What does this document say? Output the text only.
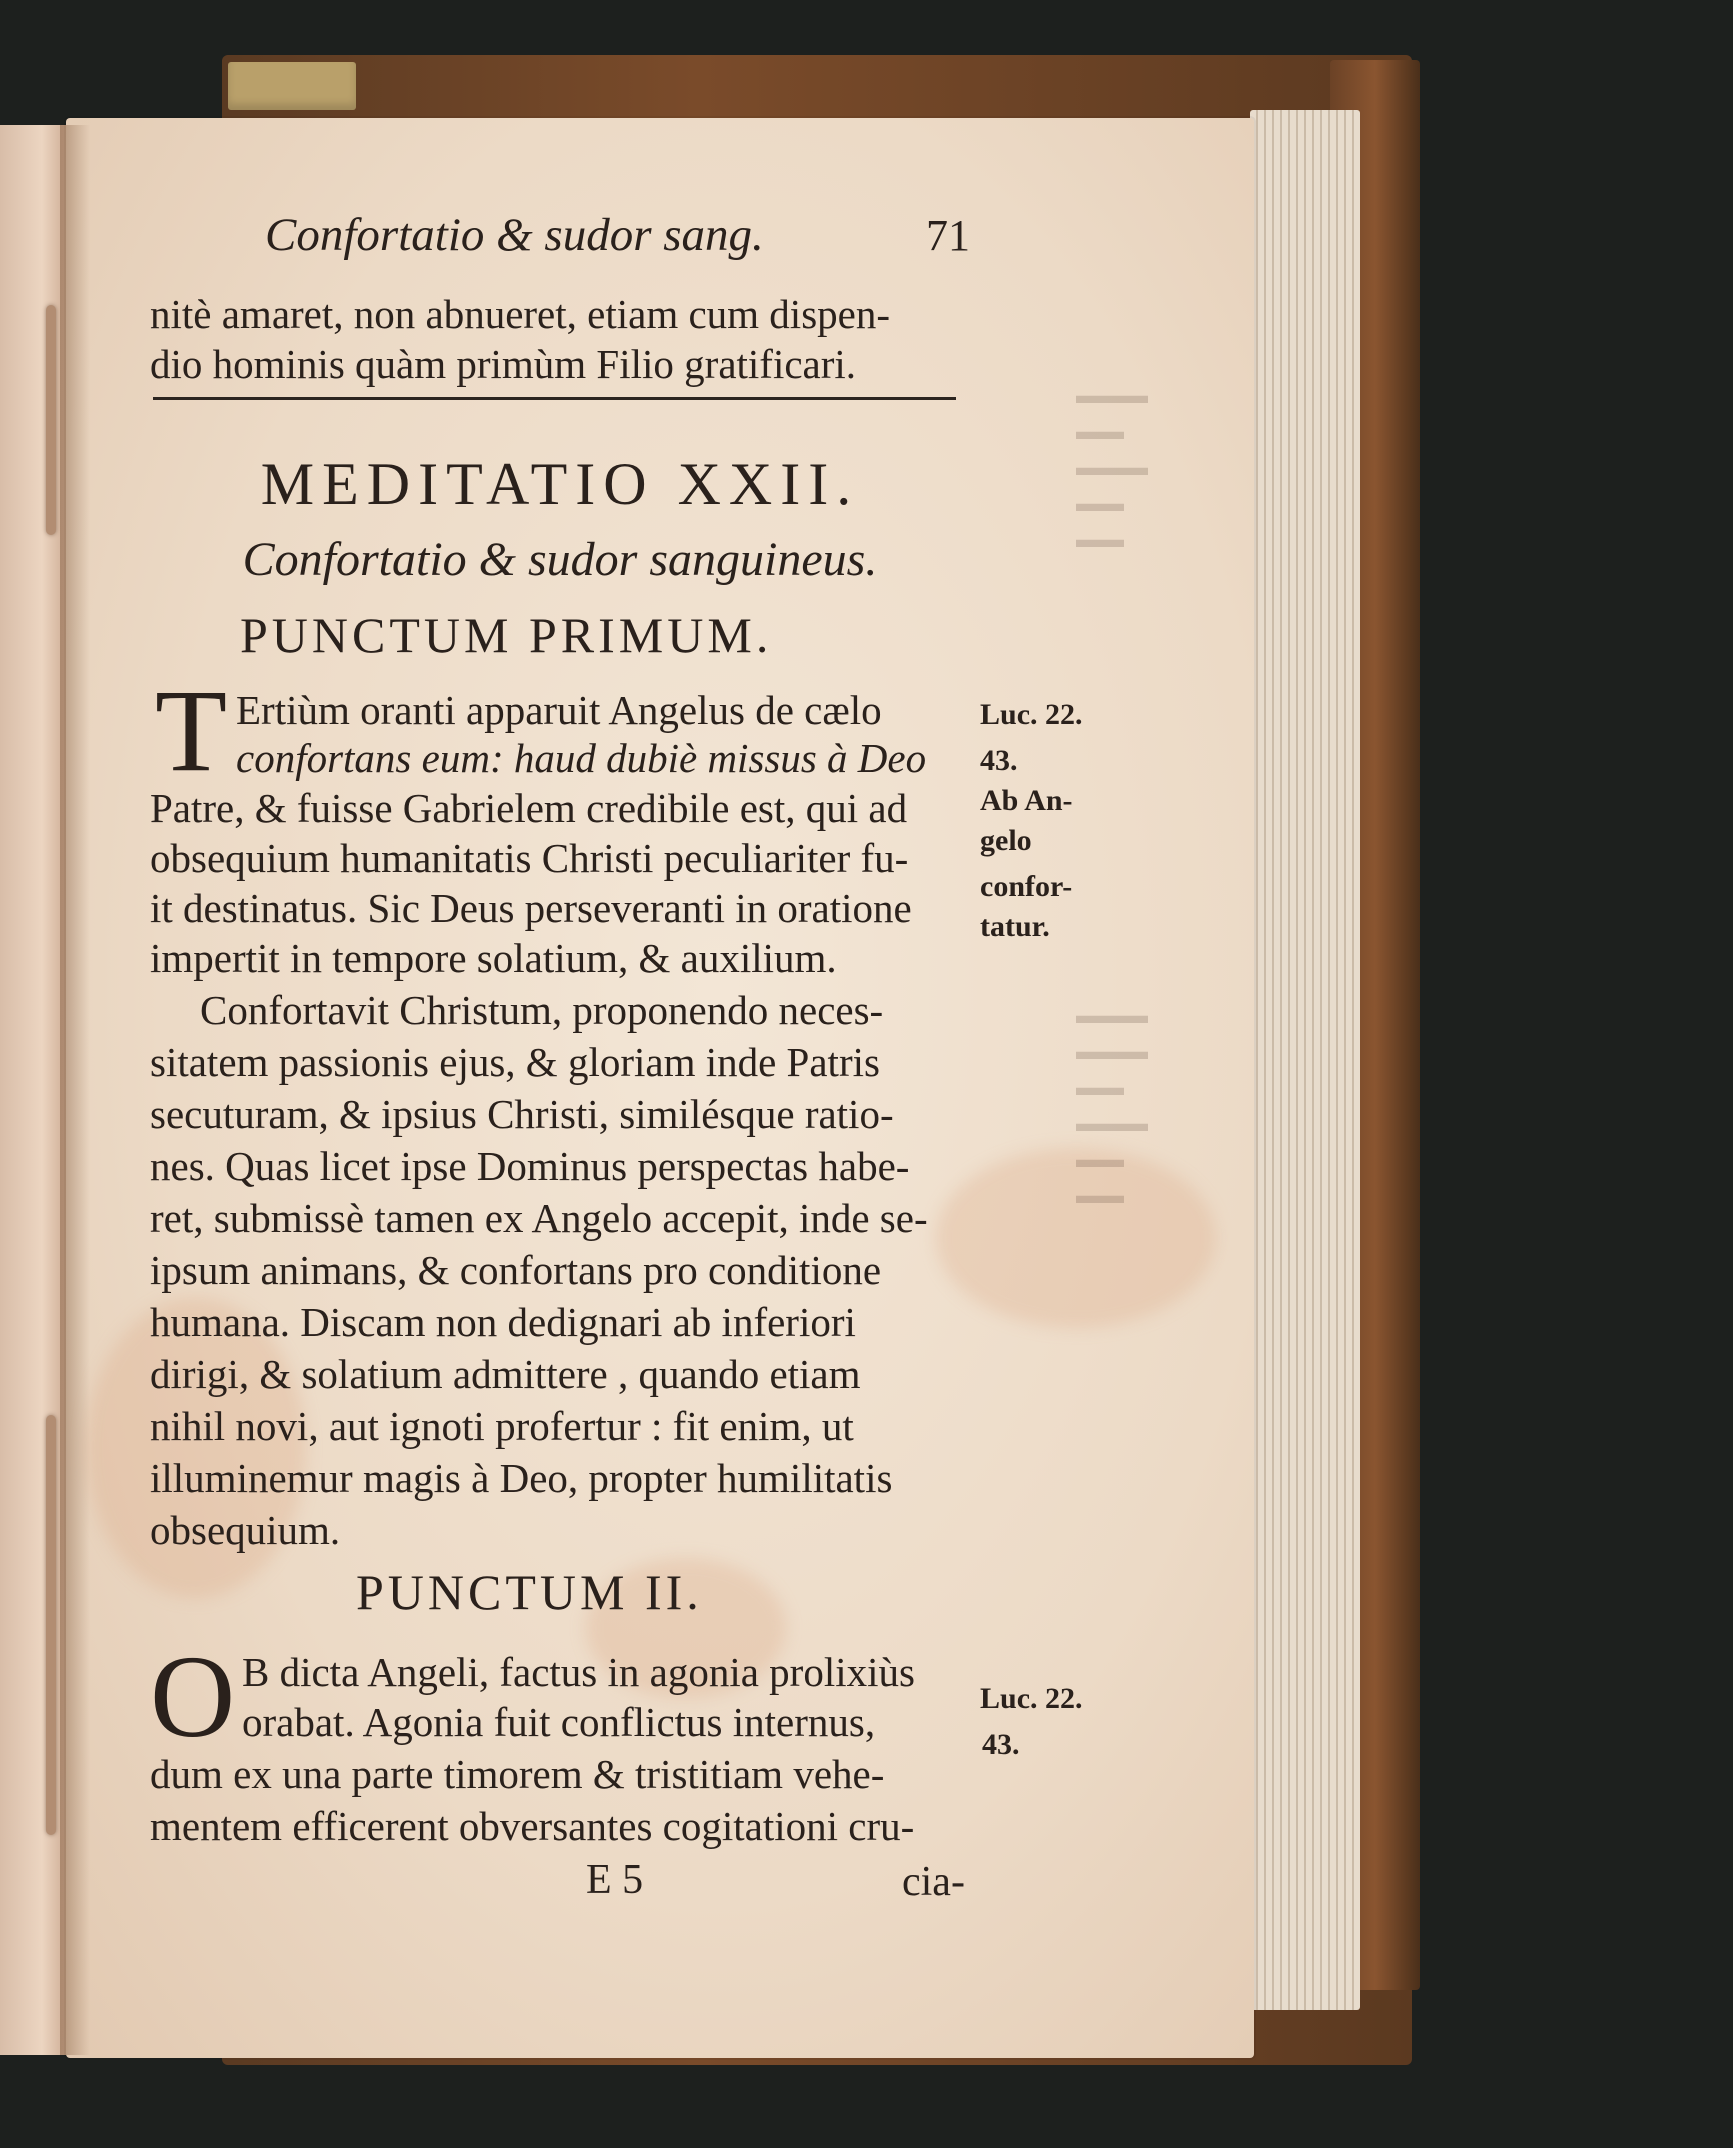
▬▬▬
▬▬
▬▬▬
▬▬
▬▬
▬▬▬
▬▬▬
▬▬
▬▬▬
▬▬
▬▬
Confortatio & sudor sang.	71
nitè amaret, non abnueret, etiam cum dispen-
dio hominis quàm primùm Filio gratificari.
MEDITATIO XXII.
Confortatio & sudor sanguineus.
PUNCTUM PRIMUM.
T Ertiùm oranti apparuit Angelus de cælo
confortans eum: haud dubiè missus à Deo
Patre, & fuisse Gabrielem credibile est, qui ad
obsequium humanitatis Christi peculiariter fu-
it destinatus. Sic Deus perseveranti in oratione
impertit in tempore solatium, & auxilium.
Confortavit Christum, proponendo neces-
sitatem passionis ejus, & gloriam inde Patris
secuturam, & ipsius Christi, similésque ratio-
nes. Quas licet ipse Dominus perspectas habe-
ret, submissè tamen ex Angelo accepit, inde se-
ipsum animans, & confortans pro conditione
humana. Discam non dedignari ab inferiori
dirigi, & solatium admittere , quando etiam
nihil novi, aut ignoti profertur : fit enim, ut
illuminemur magis à Deo, propter humilitatis
obsequium.
Luc. 22.
43.
Ab An-
gelo
confor-
tatur.
PUNCTUM II.
O B dicta Angeli, factus in agonia prolixiùs
orabat. Agonia fuit conflictus internus,
dum ex una parte timorem & tristitiam vehe-
mentem efficerent obversantes cogitationi cru-
Luc. 22.
43.
E 5	cia-
